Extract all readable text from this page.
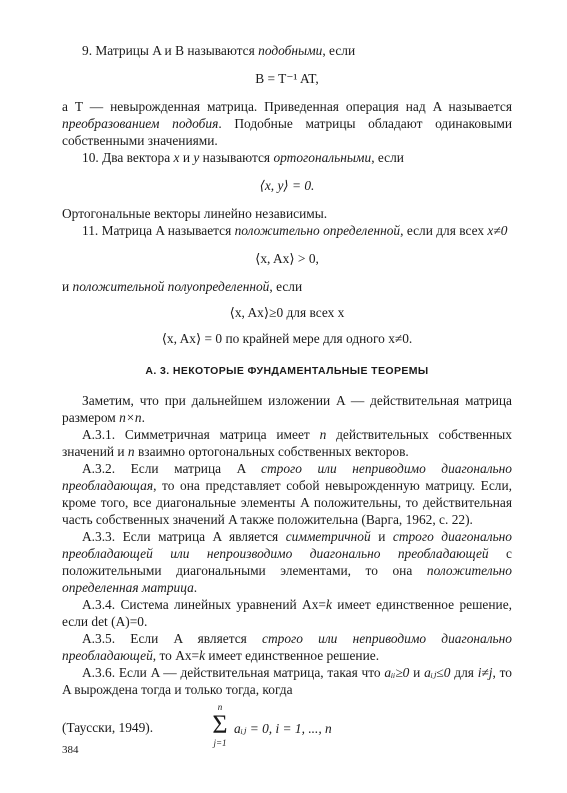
9. Матрицы A и B называются подобными, если

B = T⁻¹ AT,

а T — невырожденная матрица. Приведенная операция над A называется преобразованием подобия. Подобные матрицы обладают одинаковыми собственными значениями.

10. Два вектора x и y называются ортогональными, если

⟨x, y⟩ = 0.

Ортогональные векторы линейно независимы.

11. Матрица A называется положительно определенной, если для всех x≠0

⟨x, Ax⟩ > 0,

и положительной полуопределенной, если

⟨x, Ax⟩≥0 для всех x
⟨x, Ax⟩ = 0 по крайней мере для одного x≠0.
А. 3. НЕКОТОРЫЕ ФУНДАМЕНТАЛЬНЫЕ ТЕОРЕМЫ

Заметим, что при дальнейшем изложении A — действительная матрица размером n×n.

A.3.1. Симметричная матрица имеет n действительных собственных значений и n взаимно ортогональных собственных векторов.

A.3.2. Если матрица A строго или неприводимо диагонально преобладающая, то она представляет собой невырожденную матрицу. Если, кроме того, все диагональные элементы A положительны, то действительная часть собственных значений A также положительна (Варга, 1962, с. 22).

A.3.3. Если матрица A является симметричной и строго диагонально преобладающей или непроизводимо диагонально преобладающей с положительными диагональными элементами, то она положительно определенная матрица.

A.3.4. Система линейных уравнений Ax=k имеет единственное решение, если det (A)=0.

A.3.5. Если A является строго или неприводимо диагонально преобладающей, то Ax=k имеет единственное решение.

A.3.6. Если A — действительная матрица, такая что aᵢᵢ≥0 и aᵢⱼ≤0 для i≠j, то A вырождена тогда и только тогда, когда

n
Σ
j=1
aᵢⱼ = 0, i = 1, ..., n
(Таусски, 1949).
384
